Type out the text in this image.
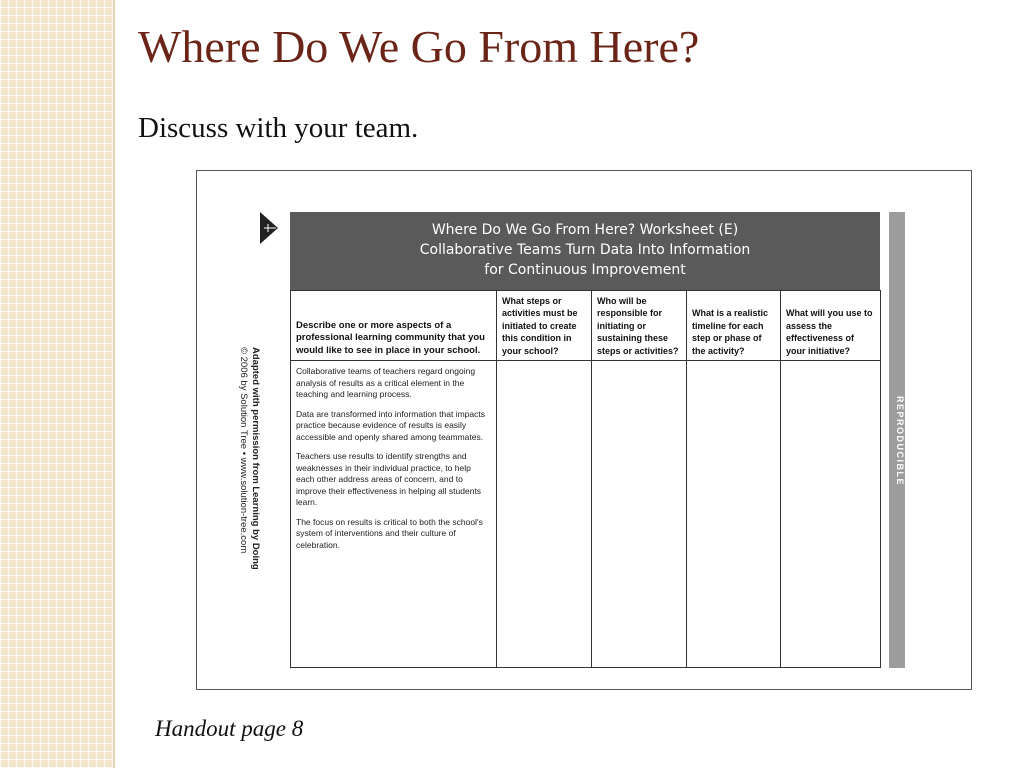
Where Do We Go From Here?
Discuss with your team.
Adapted with permission from Learning by Doing
© 2006 by Solution Tree • www.solution-tree.com
Where Do We Go From Here? Worksheet (E)
Collaborative Teams Turn Data Into Information
for Continuous Improvement
Describe one or more aspects of a professional learning community that you would like to see in place in your school.	What steps or activities must be initiated to create this condition in your school?	Who will be responsible for initiating or sustaining these steps or activities?	What is a realistic timeline for each step or phase of the activity?	What will you use to assess the effectiveness of your initiative?

Collaborative teams of teachers regard ongoing analysis of results as a critical element in the teaching and learning process.

Data are transformed into information that impacts practice because evidence of results is easily accessible and openly shared among teammates.

Teachers use results to identify strengths and weaknesses in their individual practice, to help each other address areas of concern, and to improve their effectiveness in helping all students learn.

The focus on results is critical to both the school's system of interventions and their culture of celebration.				

REPRODUCIBLE
Handout page 8
